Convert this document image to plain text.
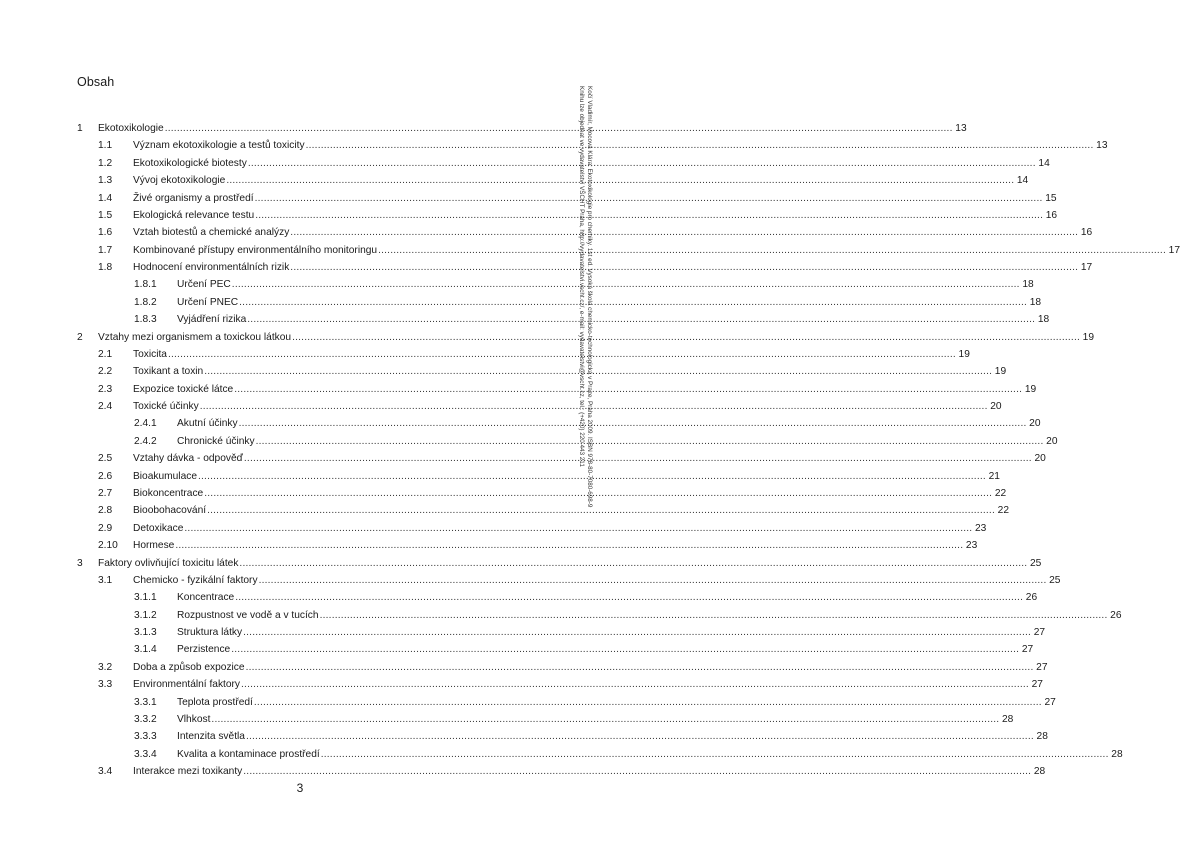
Obsah
1 Ekotoxikologie .................................................................................................................................................................................................................................................................... 13
1.1 Význam ekotoxikologie a testů toxicity .................................................................................................................................................................................................................................................................... 13
1.2 Ekotoxikologické biotesty .................................................................................................................................................................................................................................................................... 14
1.3 Vývoj ekotoxikologie .................................................................................................................................................................................................................................................................... 14
1.4 Živé organismy a prostředí .................................................................................................................................................................................................................................................................... 15
1.5 Ekologická relevance testu .................................................................................................................................................................................................................................................................... 16
1.6 Vztah biotestů a chemické analýzy .................................................................................................................................................................................................................................................................... 16
1.7 Kombinované přístupy environmentálního monitoringu .................................................................................................................................................................................................................................................................... 17
1.8 Hodnocení environmentálních rizik .................................................................................................................................................................................................................................................................... 17
1.8.1 Určení PEC .................................................................................................................................................................................................................................................................... 18
1.8.2 Určení PNEC .................................................................................................................................................................................................................................................................... 18
1.8.3 Vyjádření rizika .................................................................................................................................................................................................................................................................... 18
2 Vztahy mezi organismem a toxickou látkou .................................................................................................................................................................................................................................................................... 19
2.1 Toxicita .................................................................................................................................................................................................................................................................... 19
2.2 Toxikant a toxin .................................................................................................................................................................................................................................................................... 19
2.3 Expozice toxické látce .................................................................................................................................................................................................................................................................... 19
2.4 Toxické účinky .................................................................................................................................................................................................................................................................... 20
2.4.1 Akutní účinky .................................................................................................................................................................................................................................................................... 20
2.4.2 Chronické účinky .................................................................................................................................................................................................................................................................... 20
2.5 Vztahy dávka - odpověď .................................................................................................................................................................................................................................................................... 20
2.6 Bioakumulace .................................................................................................................................................................................................................................................................... 21
2.7 Biokoncentrace .................................................................................................................................................................................................................................................................... 22
2.8 Bioobohacování .................................................................................................................................................................................................................................................................... 22
2.9 Detoxikace .................................................................................................................................................................................................................................................................... 23
2.10 Hormese .................................................................................................................................................................................................................................................................... 23
3 Faktory ovlivňující toxicitu látek .................................................................................................................................................................................................................................................................... 25
3.1 Chemicko - fyzikální faktory .................................................................................................................................................................................................................................................................... 25
3.1.1 Koncentrace .................................................................................................................................................................................................................................................................... 26
3.1.2 Rozpustnost ve vodě a v tucích .................................................................................................................................................................................................................................................................... 26
3.1.3 Struktura látky .................................................................................................................................................................................................................................................................... 27
3.1.4 Perzistence .................................................................................................................................................................................................................................................................... 27
3.2 Doba a způsob expozice .................................................................................................................................................................................................................................................................... 27
3.3 Environmentální faktory .................................................................................................................................................................................................................................................................... 27
3.3.1 Teplota prostředí .................................................................................................................................................................................................................................................................... 27
3.3.2 Vlhkost .................................................................................................................................................................................................................................................................... 28
3.3.3 Intenzita světla .................................................................................................................................................................................................................................................................... 28
3.3.4 Kvalita a kontaminace prostředí .................................................................................................................................................................................................................................................................... 28
3.4 Interakce mezi toxikanty .................................................................................................................................................................................................................................................................... 28
Kočí Vladimír, Mocová Klára: Ekotoxikologie pro chemiky. 1st ed. Vysoká škola chemicko-technologická v Praze, Praha 2009. ISBN 978-80-7080-698-9
Knihu lze objednat ve vydavatelství VŠCHT Praha, http://vydavatelstvi.vscht.cz/, e-mail: vydavatelstvi@vscht.cz, tel.: (+420) 220 443 211
3
